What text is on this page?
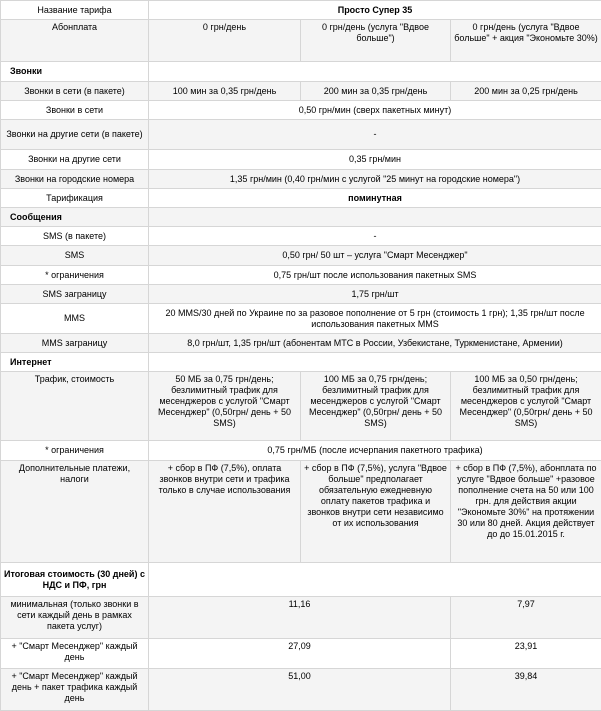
Название тарифа	Просто Супер 35		
Абонплата	0 грн/день	0 грн/день (услуга "Вдвое больше")	0 грн/день (услуга "Вдвое больше" + акция "Экономьте 30%)
Звонки			
Звонки в сети (в пакете)	100 мин за 0,35 грн/день	200 мин за 0,35 грн/день	200 мин за 0,25 грн/день
Звонки в сети	0,50 грн/мин (сверх пакетных минут)		
Звонки на другие сети (в пакете)	-		
Звонки на другие сети	0,35 грн/мин		
Звонки на городские номера	1,35 грн/мин (0,40 грн/мин с услугой "25 минут на городские номера")		
Тарификация	поминутная		
Сообщения			
SMS (в пакете)	-		
SMS	0,50 грн/ 50 шт – услуга "Смарт Месенджер"		
* ограничения	0,75 грн/шт после использования пакетных SMS		
SMS заграницу	1,75 грн/шт		
MMS	20 MMS/30 дней по Украине по за разовое пополнение от 5 грн (стоимость 1 грн); 1,35 грн/шт после использования пакетных MMS		
MMS заграницу	8,0 грн/шт, 1,35 грн/шт (абонентам МТС в России, Узбекистане, Туркменистане, Армении)		
Интернет			
Трафик, стоимость	50 МБ за 0,75 грн/день; безлимитный трафик для месенджеров с услугой "Смарт Месенджер" (0,50грн/ день + 50 SMS)	100 МБ за 0,75 грн/день; безлимитный трафик для месенджеров с услугой "Смарт Месенджер" (0,50грн/ день + 50 SMS)	100 МБ за 0,50 грн/день; безлимитный трафик для месенджеров с услугой "Смарт Месенджер" (0,50грн/ день + 50 SMS)
* ограничения	0,75 грн/МБ (после исчерпания пакетного трафика)		
Дополнительные платежи, налоги	+ сбор в ПФ (7,5%), оплата звонков внутри сети и трафика только в случае использования	+ сбор в ПФ (7,5%), услуга "Вдвое больше" предполагает обязательную ежедневную оплату пакетов трафика и звонков внутри сети независимо от их использования	+ сбор в ПФ (7,5%), абонплата по услуге "Вдвое больше" +разовое пополнение счета на 50 или 100 грн. для действия акции "Экономьте 30%" на протяжении 30 или 80 дней. Акция действует до до 15.01.2015 г.
Итоговая стоимость (30 дней) с НДС и ПФ, грн			
минимальная (только звонки в сети каждый день в рамках пакета услуг)	11,16		7,97
+ "Смарт Месенджер" каждый день	27,09		23,91
+ "Смарт Месенджер" каждый день + пакет трафика каждый день	51,00		39,84
